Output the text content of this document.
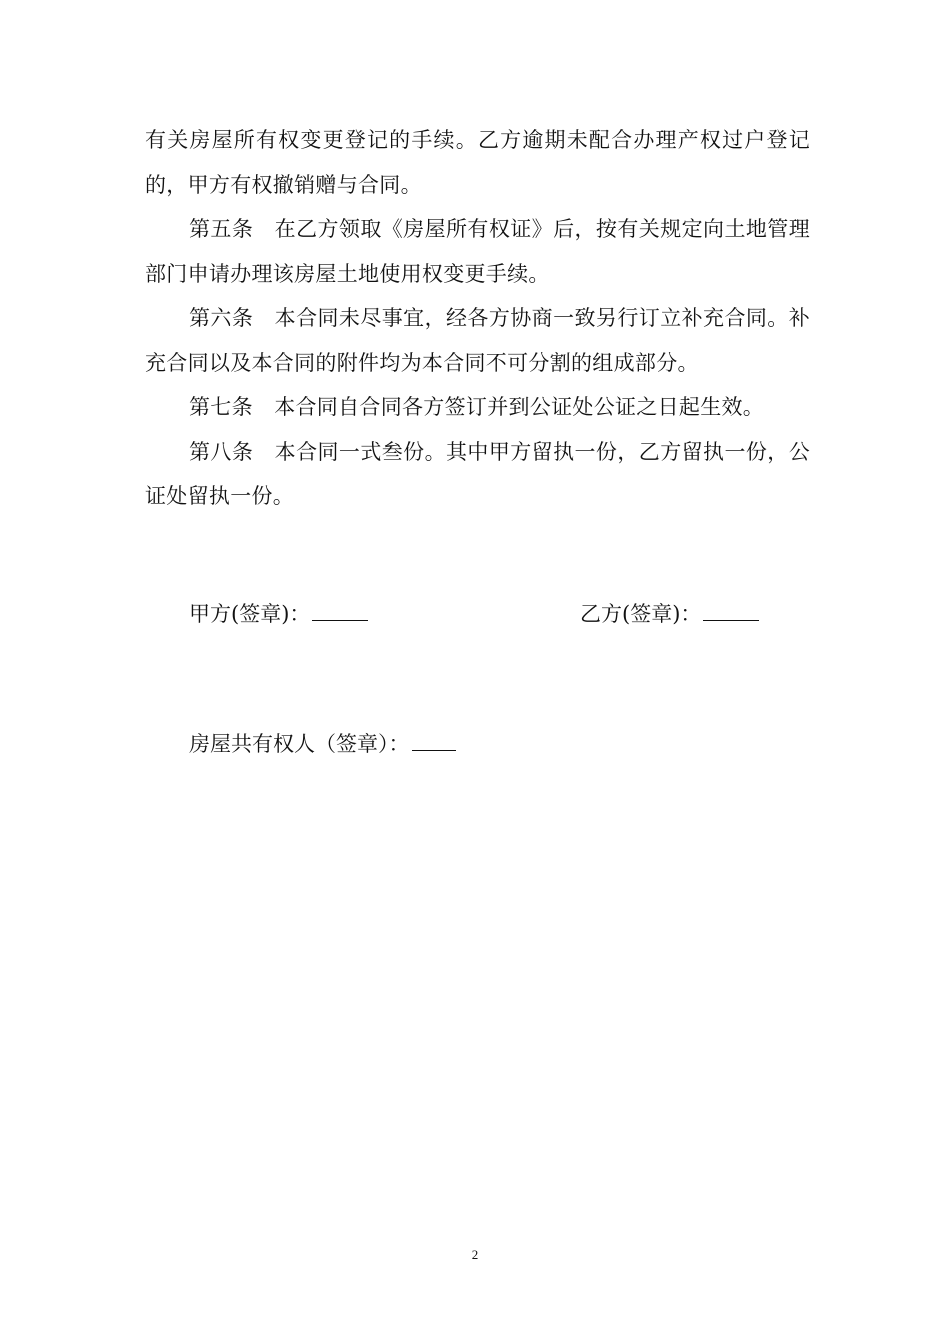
有关房屋所有权变更登记的手续。乙方逾期未配合办理产权过户登记的，甲方有权撤销赠与合同。

第五条　在乙方领取《房屋所有权证》后，按有关规定向土地管理部门申请办理该房屋土地使用权变更手续。

第六条　本合同未尽事宜，经各方协商一致另行订立补充合同。补充合同以及本合同的附件均为本合同不可分割的组成部分。

第七条　本合同自合同各方签订并到公证处公证之日起生效。

第八条　本合同一式叁份。其中甲方留执一份，乙方留执一份，公证处留执一份。

甲方(签章)：	乙方(签章)：
房屋共有权人（签章）：
2
